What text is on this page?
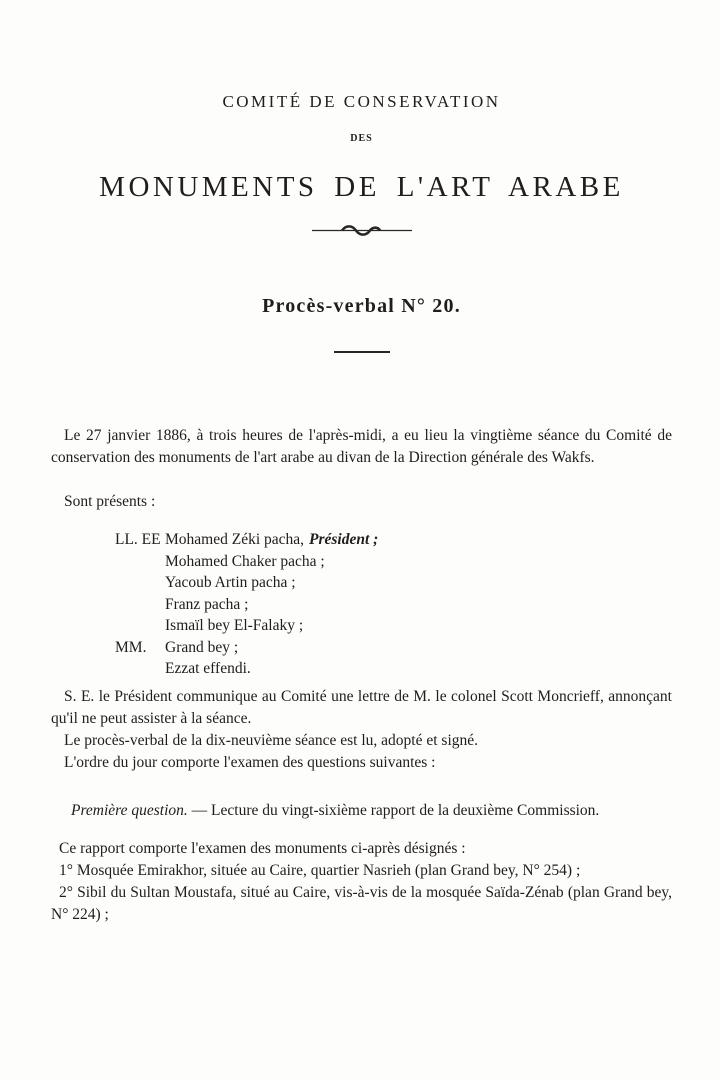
COMITÉ DE CONSERVATION
DES
MONUMENTS DE L'ART ARABE
Procès-verbal N° 20.

Le 27 janvier 1886, à trois heures de l'après-midi, a eu lieu la vingtième séance du Comité de conservation des monuments de l'art arabe au divan de la Direction générale des Wakfs.

Sont présents :

LL. EE Mohamed Zéki pacha, Président ;
Mohamed Chaker pacha ;
Yacoub Artin pacha ;
Franz pacha ;
Ismaïl bey El-Falaky ;
MM. Grand bey ;
Ezzat effendi.

S. E. le Président communique au Comité une lettre de M. le colonel Scott Moncrieff, annonçant qu'il ne peut assister à la séance.

Le procès-verbal de la dix-neuvième séance est lu, adopté et signé.

L'ordre du jour comporte l'examen des questions suivantes :

Première question. — Lecture du vingt-sixième rapport de la deuxième Commission.

Ce rapport comporte l'examen des monuments ci-après désignés :

1° Mosquée Emirakhor, située au Caire, quartier Nasrieh (plan Grand bey, N° 254) ;

2° Sibil du Sultan Moustafa, situé au Caire, vis-à-vis de la mosquée Saïda-Zénab (plan Grand bey, N° 224) ;
